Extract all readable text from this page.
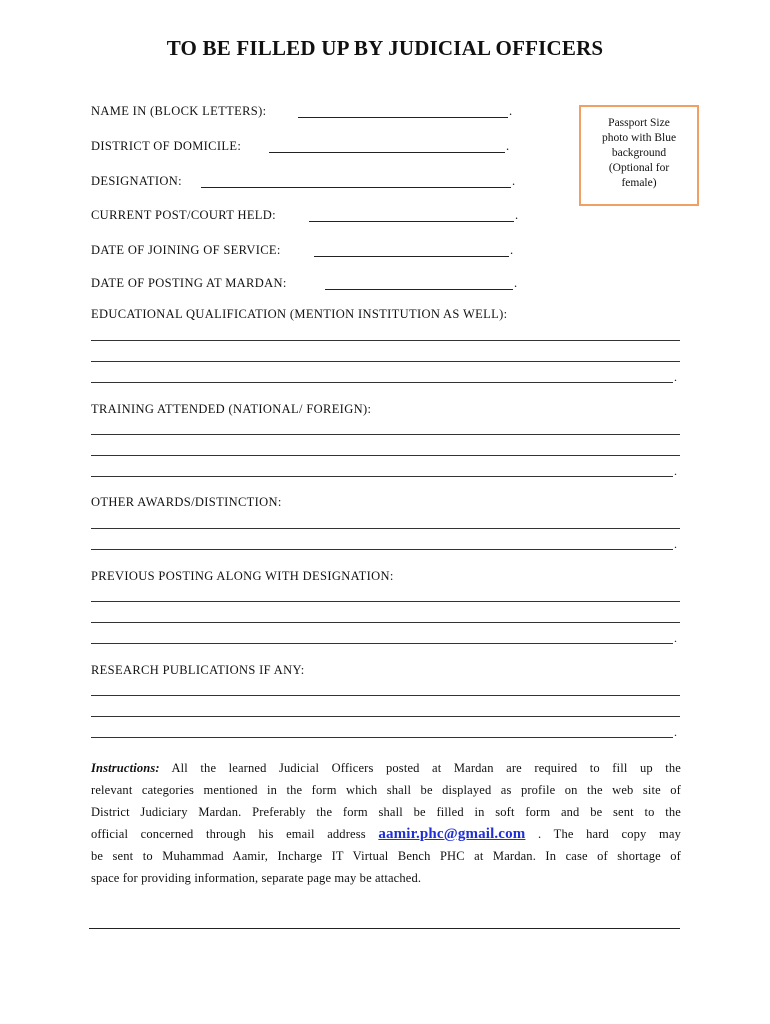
TO BE FILLED UP BY JUDICIAL OFFICERS
NAME IN (BLOCK LETTERS):	.
DISTRICT OF DOMICILE:	.
DESIGNATION:	.
CURRENT POST/COURT HELD:	.
DATE OF JOINING OF SERVICE:	.
DATE OF POSTING AT MARDAN:	.
Passport Size
photo with Blue
background
(Optional for
female)
EDUCATIONAL QUALIFICATION (MENTION INSTITUTION AS WELL):
.
TRAINING ATTENDED (NATIONAL/ FOREIGN):
.
OTHER AWARDS/DISTINCTION:
.
PREVIOUS POSTING ALONG WITH DESIGNATION:
.
RESEARCH PUBLICATIONS IF ANY:
.
Instructions: All the learned Judicial Officers posted at Mardan are required to fill up the
relevant categories mentioned in the form which shall be displayed as profile on the web site of
District Judiciary Mardan. Preferably the form shall be filled in soft form and be sent to the
official concerned through his email address aamir.phc@gmail.com . The hard copy may
be sent to Muhammad Aamir, Incharge IT Virtual Bench PHC at Mardan. In case of shortage of
space for providing information, separate page may be attached.
